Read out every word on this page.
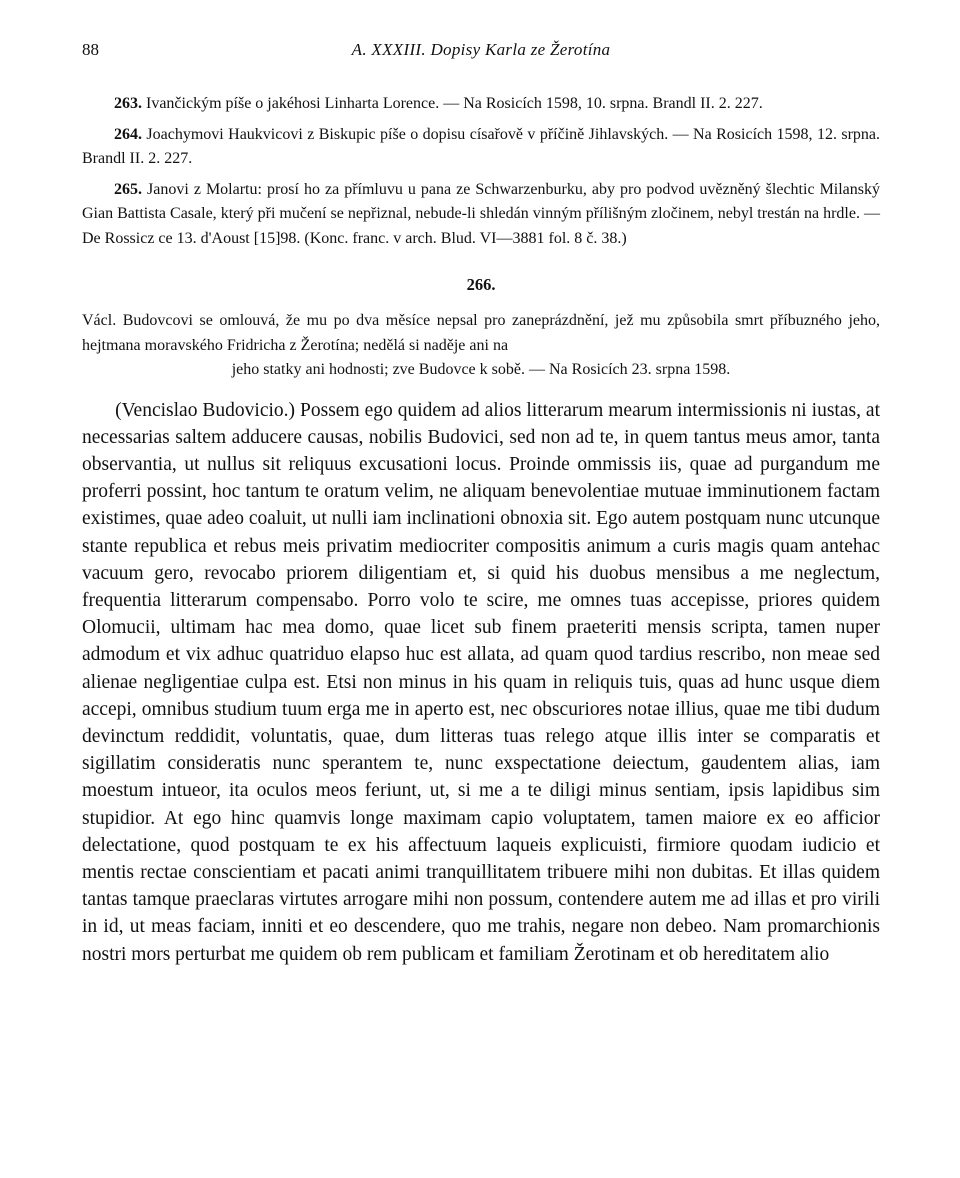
88	A. XXXIII. Dopisy Karla ze Žerotína

263. Ivančickým píše o jakéhosi Linharta Lorence. — Na Rosicích 1598, 10. srpna. Brandl II. 2. 227.

264. Joachymovi Haukvicovi z Biskupic píše o dopisu císařově v příčině Jihlavských. — Na Rosicích 1598, 12. srpna. Brandl II. 2. 227.

265. Janovi z Molartu: prosí ho za přímluvu u pana ze Schwarzenburku, aby pro podvod uvězněný šlechtic Milanský Gian Battista Casale, který při mučení se nepřiznal, nebude-li shledán vinným přílišným zločinem, nebyl trestán na hrdle. — De Rossicz ce 13. d'Aoust [15]98. (Konc. franc. v arch. Blud. VI—3881 fol. 8 č. 38.)

266.

Václ. Budovcovi se omlouvá, že mu po dva měsíce nepsal pro zaneprázdnění, jež mu způsobila smrt příbuzného jeho, hejtmana moravského Fridricha z Žerotína; nedělá si naděje ani na
jeho statky ani hodnosti; zve Budovce k sobě. — Na Rosicích 23. srpna 1598.

(Vencislao Budovicio.) Possem ego quidem ad alios litterarum mearum intermissionis ni iustas, at necessarias saltem adducere causas, nobilis Budovici, sed non ad te, in quem tantus meus amor, tanta observantia, ut nullus sit reliquus excusationi locus. Proinde ommissis iis, quae ad purgandum me proferri possint, hoc tantum te oratum velim, ne aliquam benevolentiae mutuae imminutionem factam existimes, quae adeo coaluit, ut nulli iam inclinationi obnoxia sit. Ego autem postquam nunc utcunque stante republica et rebus meis privatim mediocriter compositis animum a curis magis quam antehac vacuum gero, revocabo priorem diligentiam et, si quid his duobus mensibus a me neglectum, frequentia litterarum compensabo. Porro volo te scire, me omnes tuas accepisse, priores quidem Olomucii, ultimam hac mea domo, quae licet sub finem praeteriti mensis scripta, tamen nuper admodum et vix adhuc quatriduo elapso huc est allata, ad quam quod tardius rescribo, non meae sed alienae negligentiae culpa est. Etsi non minus in his quam in reliquis tuis, quas ad hunc usque diem accepi, omnibus studium tuum erga me in aperto est, nec obscuriores notae illius, quae me tibi dudum devinctum reddidit, voluntatis, quae, dum litteras tuas relego atque illis inter se comparatis et sigillatim consideratis nunc sperantem te, nunc exspectatione deiectum, gaudentem alias, iam moestum intueor, ita oculos meos feriunt, ut, si me a te diligi minus sentiam, ipsis lapidibus sim stupidior. At ego hinc quamvis longe maximam capio voluptatem, tamen maiore ex eo afficior delectatione, quod postquam te ex his affectuum laqueis explicuisti, firmiore quodam iudicio et mentis rectae conscientiam et pacati animi tranquillitatem tribuere mihi non dubitas. Et illas quidem tantas tamque praeclaras virtutes arrogare mihi non possum, contendere autem me ad illas et pro virili in id, ut meas faciam, inniti et eo descendere, quo me trahis, negare non debeo. Nam promarchionis nostri mors perturbat me quidem ob rem publicam et familiam Žerotinam et ob hereditatem alio
